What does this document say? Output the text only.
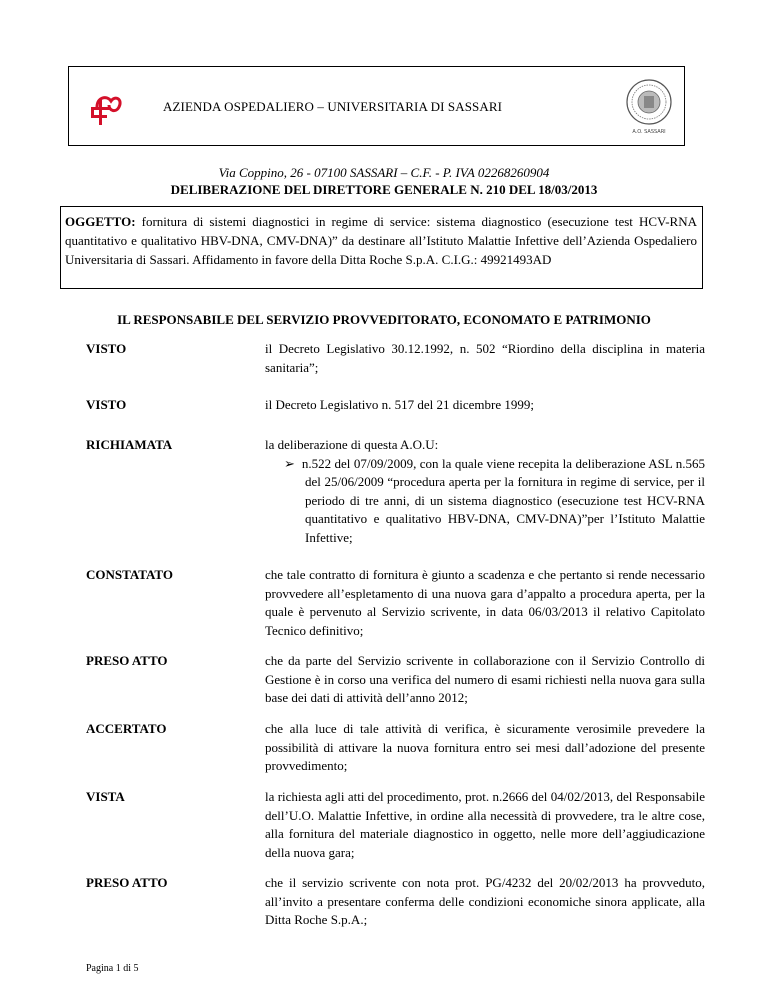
AZIENDA OSPEDALIERO – UNIVERSITARIA DI SASSARI
A.O. SASSARI
Via Coppino, 26 - 07100 SASSARI – C.F. - P. IVA 02268260904
DELIBERAZIONE DEL DIRETTORE GENERALE N. 210 DEL 18/03/2013
OGGETTO: fornitura di sistemi diagnostici in regime di service: sistema diagnostico (esecuzione test HCV-RNA quantitativo e qualitativo HBV-DNA, CMV-DNA)” da destinare all’Istituto Malattie Infettive dell’Azienda Ospedaliero Universitaria di Sassari. Affidamento in favore della Ditta Roche S.p.A. C.I.G.: 49921493AD
IL RESPONSABILE DEL SERVIZIO PROVVEDITORATO, ECONOMATO E PATRIMONIO
VISTO	il Decreto Legislativo 30.12.1992, n. 502 “Riordino della disciplina in materia sanitaria”;
VISTO	il Decreto Legislativo n. 517 del 21 dicembre 1999;
RICHIAMATA	la deliberazione di questa A.O.U:
➢  n.522 del 07/09/2009, con la quale viene recepita la deliberazione ASL n.565 del 25/06/2009 “procedura aperta per la fornitura in regime di service, per il periodo di tre anni, di un sistema diagnostico (esecuzione test HCV-RNA quantitativo e qualitativo HBV-DNA, CMV-DNA)”per l’Istituto Malattie Infettive;
CONSTATATO	che tale contratto di fornitura è giunto a scadenza e che pertanto si rende necessario provvedere all’espletamento di una nuova gara d’appalto a procedura aperta, per la quale è pervenuto al Servizio scrivente, in data 06/03/2013 il relativo Capitolato Tecnico definitivo;
PRESO ATTO	che da parte del Servizio scrivente in collaborazione con il Servizio Controllo di Gestione è in corso una verifica del numero di esami richiesti nella nuova gara sulla base dei dati di attività dell’anno 2012;
ACCERTATO	che alla luce di tale attività di verifica, è sicuramente verosimile prevedere la possibilità di attivare la nuova fornitura entro sei mesi dall’adozione del presente provvedimento;
VISTA	la richiesta agli atti del procedimento, prot. n.2666 del 04/02/2013, del Responsabile dell’U.O. Malattie Infettive, in ordine alla necessità di provvedere, tra le altre cose, alla fornitura del materiale diagnostico in oggetto, nelle more dell’aggiudicazione della nuova gara;
PRESO ATTO	che il servizio scrivente con nota prot. PG/4232 del 20/02/2013 ha provveduto, all’invito a presentare conferma delle condizioni economiche sinora applicate, alla Ditta Roche S.p.A.;
Pagina 1 di 5
